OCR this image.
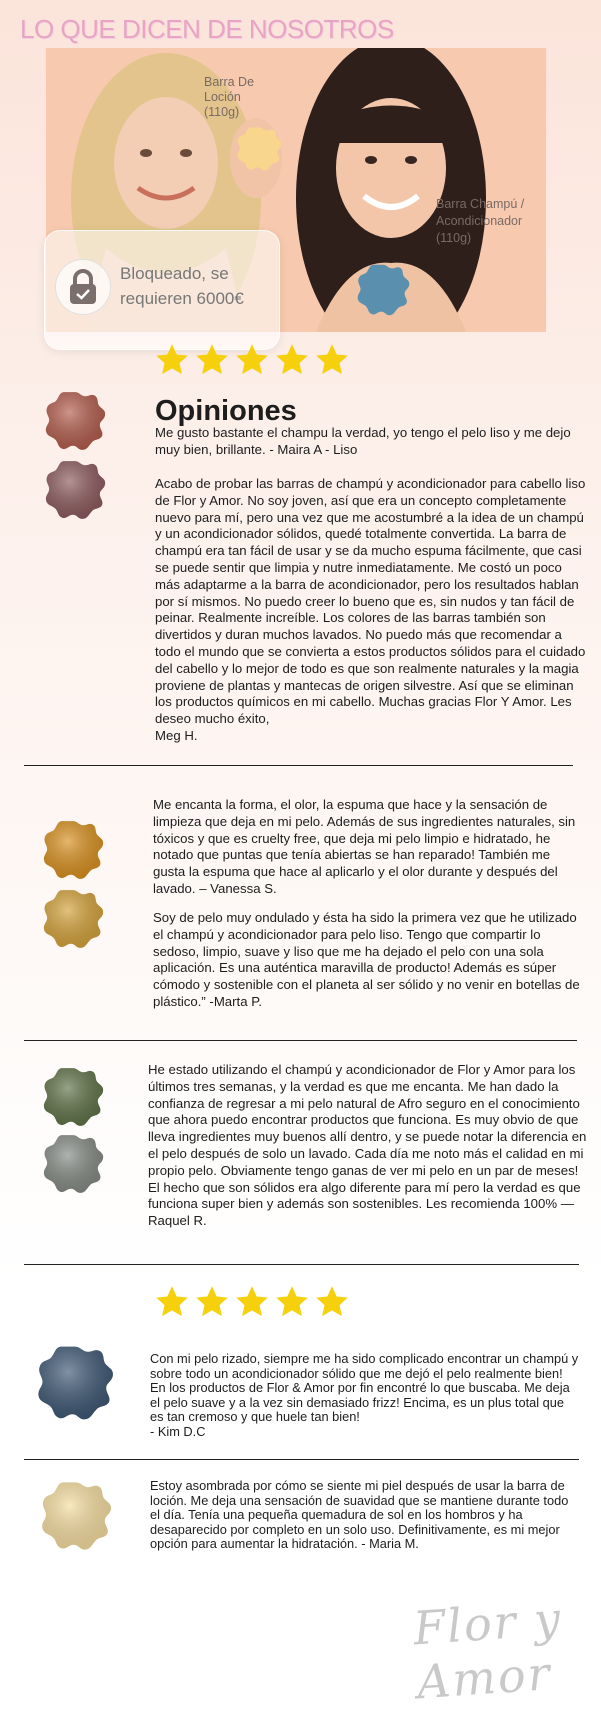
LO QUE DICEN DE NOSOTROS
Barra De Loción (110g)
Barra Champú / Acondicionador (110g)
Bloqueado, se requieren 6000€
Opiniones

Me gusto bastante el champu la verdad, yo tengo el pelo liso y me dejo muy bien, brillante. - Maira A - Liso

Acabo de probar las barras de champú y acondicionador para cabello liso de Flor y Amor. No soy joven, así que era un concepto completamente nuevo para mí, pero una vez que me acostumbré a la idea de un champú y un acondicionador sólidos, quedé totalmente convertida. La barra de champú era tan fácil de usar y se da mucho espuma fácilmente, que casi se puede sentir que limpia y nutre inmediatamente. Me costó un poco más adaptarme a la barra de acondicionador, pero los resultados hablan por sí mismos. No puedo creer lo bueno que es, sin nudos y tan fácil de peinar. Realmente increíble. Los colores de las barras también son divertidos y duran muchos lavados. No puedo más que recomendar a todo el mundo que se convierta a estos productos sólidos para el cuidado del cabello y lo mejor de todo es que son realmente naturales y la magia proviene de plantas y mantecas de origen silvestre. Así que se eliminan los productos químicos en mi cabello. Muchas gracias Flor Y Amor. Les deseo mucho éxito,

Meg H.

Me encanta la forma, el olor, la espuma que hace y la sensación de limpieza que deja en mi pelo. Además de sus ingredientes naturales, sin tóxicos y que es cruelty free, que deja mi pelo limpio e hidratado, he notado que puntas que tenía abiertas se han reparado! También me gusta la espuma que hace al aplicarlo y el olor durante y después del lavado. – Vanessa S.

Soy de pelo muy ondulado y ésta ha sido la primera vez que he utilizado el champú y acondicionador para pelo liso. Tengo que compartir lo sedoso, limpio, suave y liso que me ha dejado el pelo con una sola aplicación. Es una auténtica maravilla de producto! Además es súper cómodo y sostenible con el planeta al ser sólido y no venir en botellas de plástico.” -Marta P.

He estado utilizando el champú y acondicionador de Flor y Amor para los últimos tres semanas, y la verdad es que me encanta. Me han dado la confianza de regresar a mi pelo natural de Afro seguro en el conocimiento que ahora puedo encontrar productos que funciona. Es muy obvio de que lleva ingredientes muy buenos allí dentro, y se puede notar la diferencia en el pelo después de solo un lavado. Cada día me noto más el calidad en mi propio pelo. Obviamente tengo ganas de ver mi pelo en un par de meses! El hecho que son sólidos era algo diferente para mí pero la verdad es que funciona super bien y además son sostenibles. Les recomienda 100% — Raquel R.

Con mi pelo rizado, siempre me ha sido complicado encontrar un champú y sobre todo un acondicionador sólido que me dejó el pelo realmente bien! En los productos de Flor & Amor por fin encontré lo que buscaba. Me deja el pelo suave y a la vez sin demasiado frizz! Encima, es un plus total que es tan cremoso y que huele tan bien!

- Kim D.C

Estoy asombrada por cómo se siente mi piel después de usar la barra de loción. Me deja una sensación de suavidad que se mantiene durante todo el día. Tenía una pequeña quemadura de sol en los hombros y ha desaparecido por completo en un solo uso. Definitivamente, es mi mejor opción para aumentar la hidratación. - Maria M.

Flor y Amor
